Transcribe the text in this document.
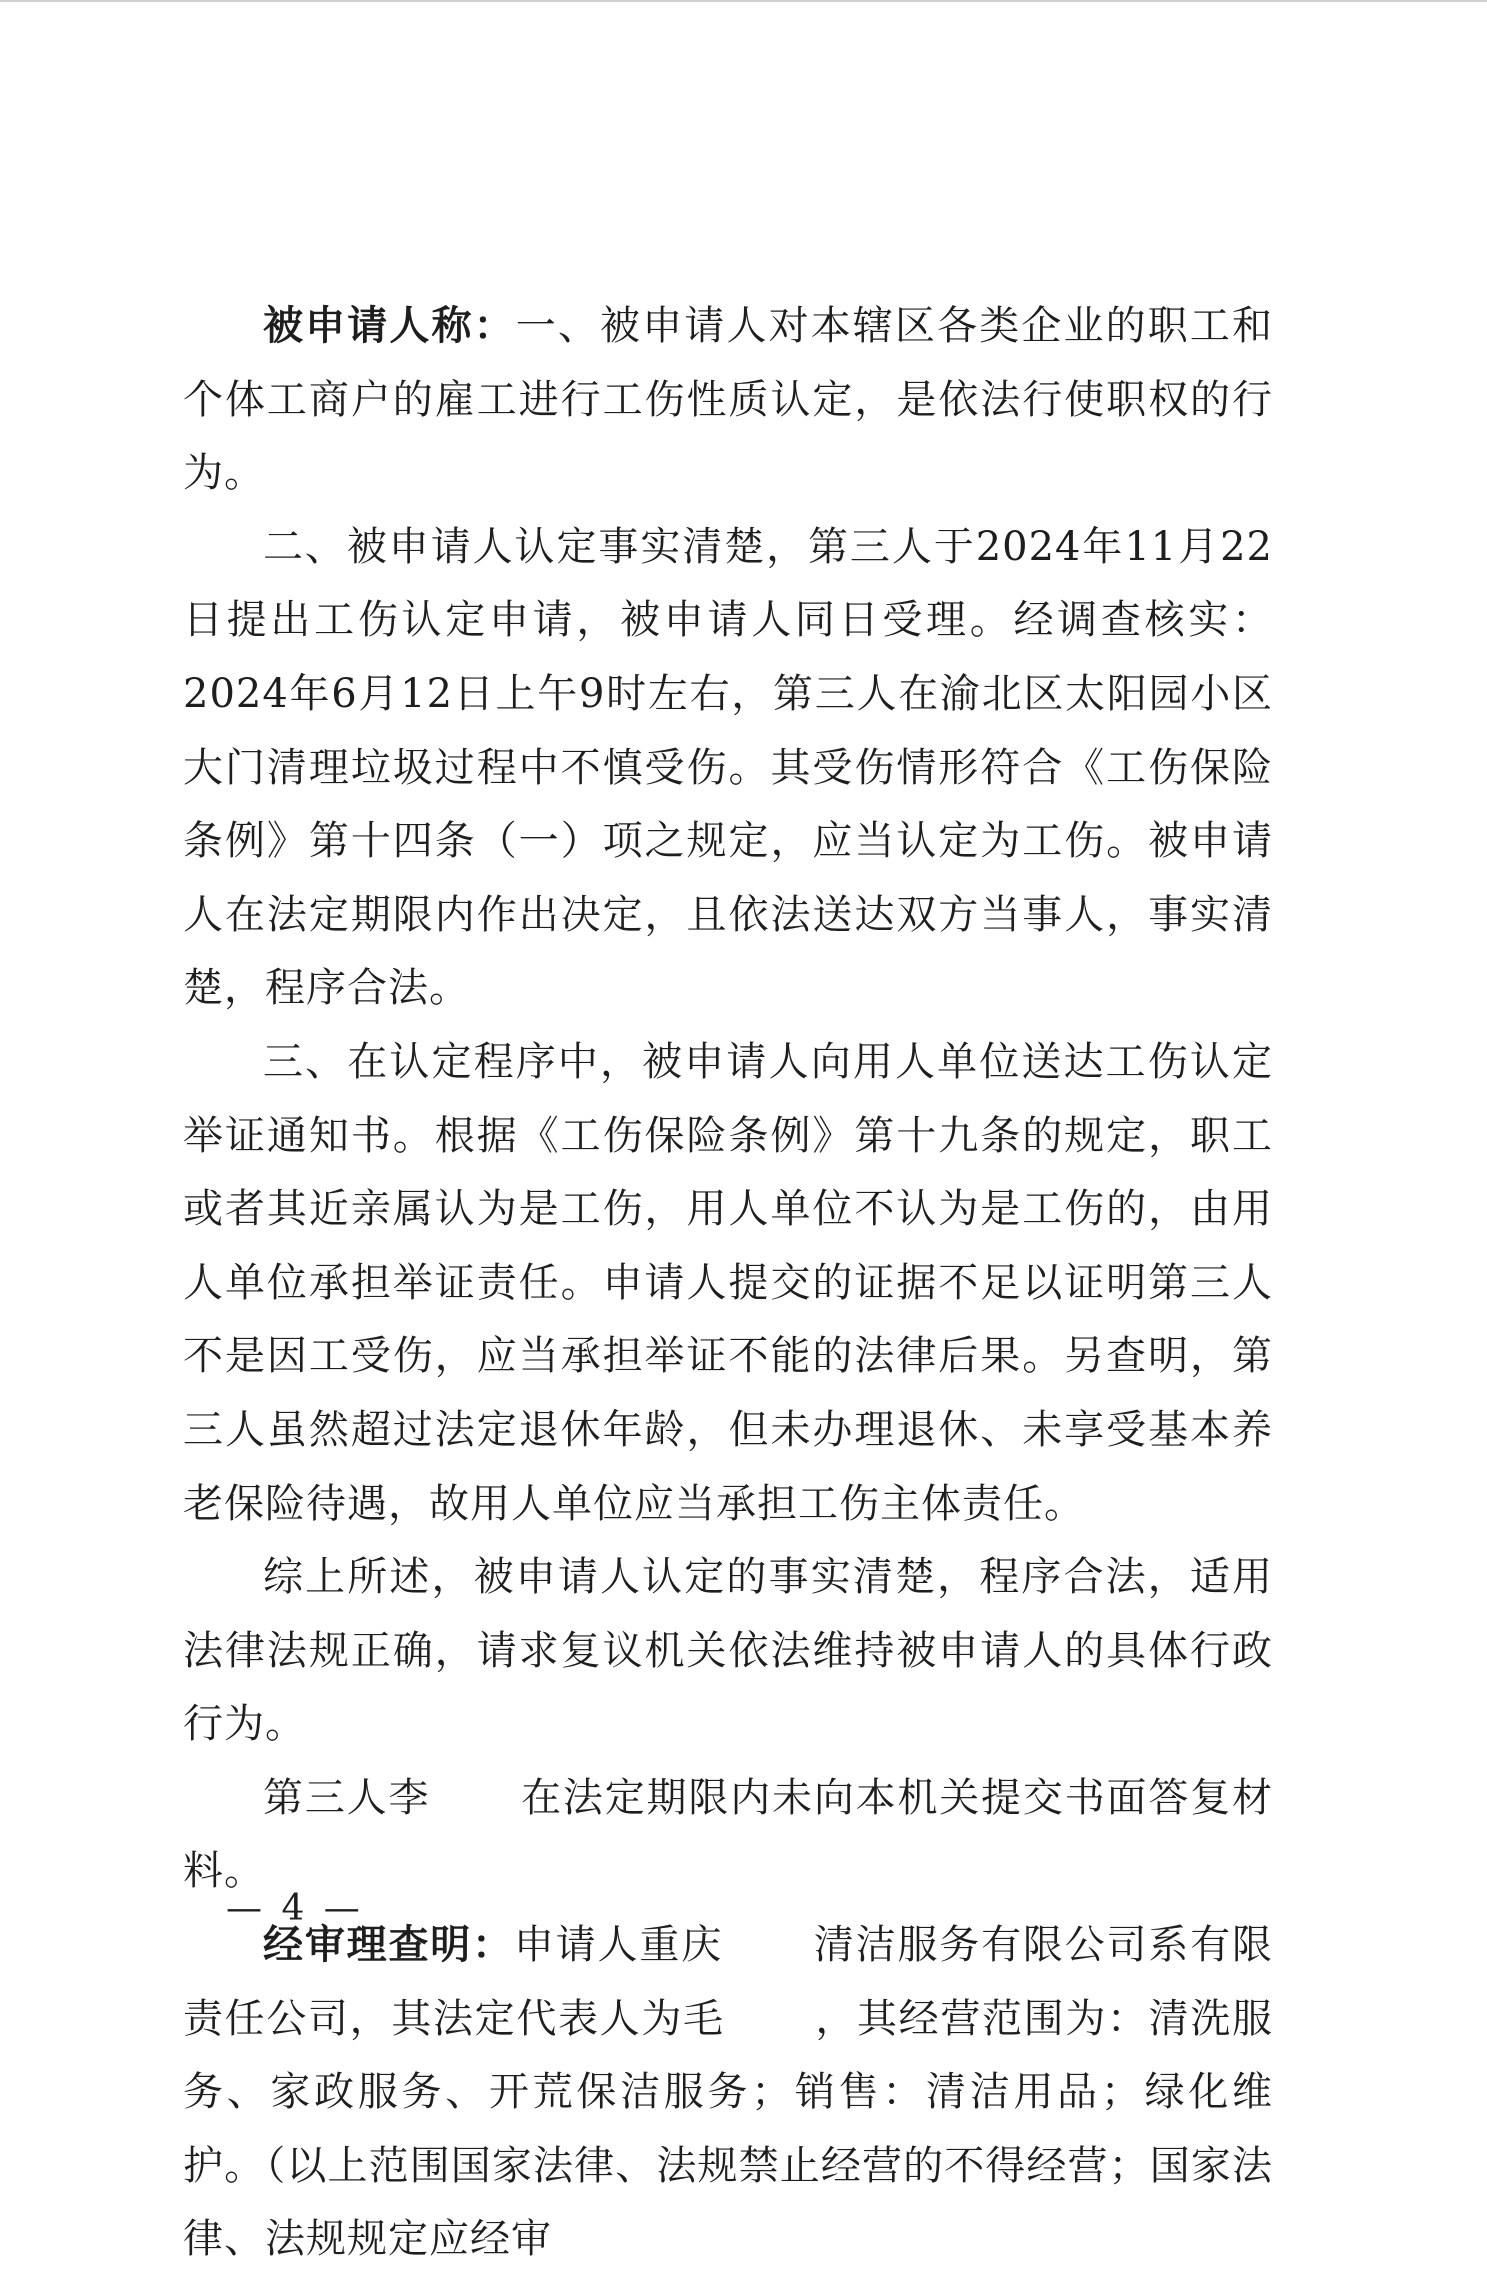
被申请人称：一、被申请人对本辖区各类企业的职工和个体工商户的雇工进行工伤性质认定，是依法行使职权的行为。

二、被申请人认定事实清楚，第三人于2024年11月22日提出工伤认定申请，被申请人同日受理。经调查核实：2024年6月12日上午9时左右，第三人在渝北区太阳园小区大门清理垃圾过程中不慎受伤。其受伤情形符合《工伤保险条例》第十四条（一）项之规定，应当认定为工伤。被申请人在法定期限内作出决定，且依法送达双方当事人，事实清楚，程序合法。

三、在认定程序中，被申请人向用人单位送达工伤认定举证通知书。根据《工伤保险条例》第十九条的规定，职工或者其近亲属认为是工伤，用人单位不认为是工伤的，由用人单位承担举证责任。申请人提交的证据不足以证明第三人不是因工受伤，应当承担举证不能的法律后果。另查明，第三人虽然超过法定退休年龄，但未办理退休、未享受基本养老保险待遇，故用人单位应当承担工伤主体责任。

综上所述，被申请人认定的事实清楚，程序合法，适用法律法规正确，请求复议机关依法维持被申请人的具体行政行为。

第三人李 在法定期限内未向本机关提交书面答复材料。

经审理查明：申请人重庆 清洁服务有限公司系有限责任公司，其法定代表人为毛 ，其经营范围为：清洗服务、家政服务、开荒保洁服务；销售：清洁用品；绿化维护。（以上范围国家法律、法规禁止经营的不得经营；国家法律、法规规定应经审

— 4 —
